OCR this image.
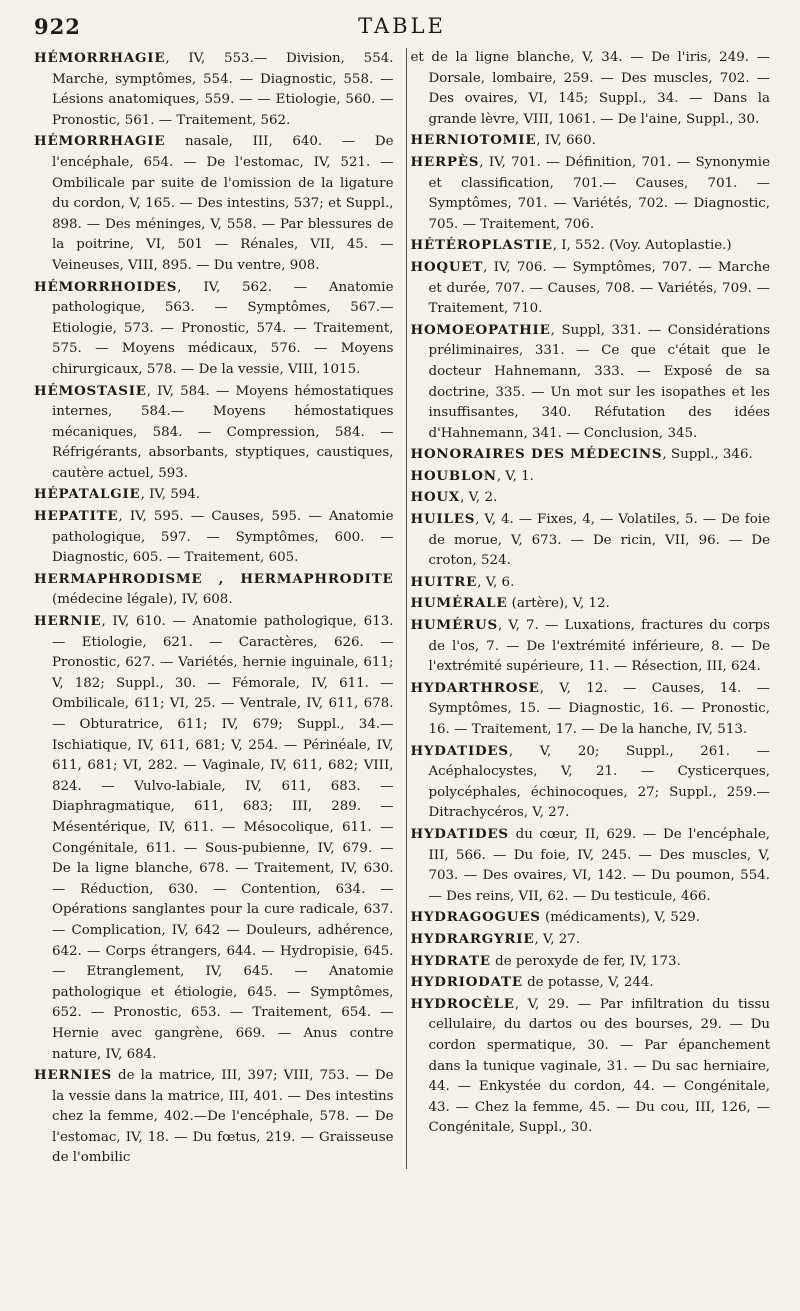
922	TABLE

HÉMORRHAGIE, IV, 553.— Division, 554. Marche, symptômes, 554. — Diagnostic, 558. — Lésions anatomiques, 559. — — Etiologie, 560. — Pronostic, 561. — Traitement, 562.

HÉMORRHAGIE nasale, III, 640. — De l'encéphale, 654. — De l'estomac, IV, 521. — Ombilicale par suite de l'omission de la ligature du cordon, V, 165. — Des intestins, 537; et Suppl., 898. — Des méninges, V, 558. — Par blessures de la poitrine, VI, 501 — Rénales, VII, 45. — Veineuses, VIII, 895. — Du ventre, 908.

HÉMORRHOIDES, IV, 562. — Anatomie pathologique, 563. — Symptômes, 567.— Etiologie, 573. — Pronostic, 574. — Traitement, 575. — Moyens médicaux, 576. — Moyens chirurgicaux, 578. — De la vessie, VIII, 1015.

HÉMOSTASIE, IV, 584. — Moyens hémostatiques internes, 584.— Moyens hémostatiques mécaniques, 584. — Compression, 584. — Réfrigérants, absorbants, styptiques, caustiques, cautère actuel, 593.

HÉPATALGIE, IV, 594.

HEPATITE, IV, 595. — Causes, 595. — Anatomie pathologique, 597. — Symptômes, 600. — Diagnostic, 605. — Traitement, 605.

HERMAPHRODISME , HERMAPHRODITE (médecine légale), IV, 608.

HERNIE, IV, 610. — Anatomie pathologique, 613. — Etiologie, 621. — Caractères, 626. — Pronostic, 627. — Variétés, hernie inguinale, 611; V, 182; Suppl., 30. — Fémorale, IV, 611. — Ombilicale, 611; VI, 25. — Ventrale, IV, 611, 678. — Obturatrice, 611; IV, 679; Suppl., 34.— Ischiatique, IV, 611, 681; V, 254. — Périnéale, IV, 611, 681; VI, 282. — Vaginale, IV, 611, 682; VIII, 824. — Vulvo-labiale, IV, 611, 683. — Diaphragmatique, 611, 683; III, 289. — Mésentérique, IV, 611. — Mésocolique, 611. — Congénitale, 611. — Sous-pubienne, IV, 679. — De la ligne blanche, 678. — Traitement, IV, 630. — Réduction, 630. — Contention, 634. — Opérations sanglantes pour la cure radicale, 637. — Complication, IV, 642 — Douleurs, adhérence, 642. — Corps étrangers, 644. — Hydropisie, 645. — Etranglement, IV, 645. — Anatomie pathologique et étiologie, 645. — Symptômes, 652. — Pronostic, 653. — Traitement, 654. — Hernie avec gangrène, 669. — Anus contre nature, IV, 684.

HERNIES de la matrice, III, 397; VIII, 753. — De la vessie dans la matrice, III, 401. — Des intestins chez la femme, 402.—De l'encéphale, 578. — De l'estomac, IV, 18. — Du fœtus, 219. — Graisseuse de l'ombilic

et de la ligne blanche, V, 34. — De l'iris, 249. — Dorsale, lombaire, 259. — Des muscles, 702. — Des ovaires, VI, 145; Suppl., 34. — Dans la grande lèvre, VIII, 1061. — De l'aine, Suppl., 30.

HERNIOTOMIE, IV, 660.

HERPÈS, IV, 701. — Définition, 701. — Synonymie et classification, 701.— Causes, 701. — Symptômes, 701. — Variétés, 702. — Diagnostic, 705. — Traitement, 706.

HÉTÉROPLASTIE, I, 552. (Voy. Autoplastie.)

HOQUET, IV, 706. — Symptômes, 707. — Marche et durée, 707. — Causes, 708. — Variétés, 709. — Traitement, 710.

HOMOEOPATHIE, Suppl, 331. — Considérations préliminaires, 331. — Ce que c'était que le docteur Hahnemann, 333. — Exposé de sa doctrine, 335. — Un mot sur les isopathes et les insuffisantes, 340. Réfutation des idées d'Hahnemann, 341. — Conclusion, 345.

HONORAIRES DES MÉDECINS, Suppl., 346.

HOUBLON, V, 1.

HOUX, V, 2.

HUILES, V, 4. — Fixes, 4, — Volatiles, 5. — De foie de morue, V, 673. — De ricin, VII, 96. — De croton, 524.

HUITRE, V, 6.

HUMÉRALE (artère), V, 12.

HUMÉRUS, V, 7. — Luxations, fractures du corps de l'os, 7. — De l'extrémité inférieure, 8. — De l'extrémité supérieure, 11. — Résection, III, 624.

HYDARTHROSE, V, 12. — Causes, 14. — Symptômes, 15. — Diagnostic, 16. — Pronostic, 16. — Traitement, 17. — De la hanche, IV, 513.

HYDATIDES, V, 20; Suppl., 261. — Acéphalocystes, V, 21. — Cysticerques, polycéphales, échinocoques, 27; Suppl., 259.— Ditrachycéros, V, 27.

HYDATIDES du cœur, II, 629. — De l'encéphale, III, 566. — Du foie, IV, 245. — Des muscles, V, 703. — Des ovaires, VI, 142. — Du poumon, 554. — Des reins, VII, 62. — Du testicule, 466.

HYDRAGOGUES (médicaments), V, 529.

HYDRARGYRIE, V, 27.

HYDRATE de peroxyde de fer, IV, 173.

HYDRIODATE de potasse, V, 244.

HYDROCÈLE, V, 29. — Par infiltration du tissu cellulaire, du dartos ou des bourses, 29. — Du cordon spermatique, 30. — Par épanchement dans la tunique vaginale, 31. — Du sac herniaire, 44. — Enkystée du cordon, 44. — Congénitale, 43. — Chez la femme, 45. — Du cou, III, 126, — Congénitale, Suppl., 30.
